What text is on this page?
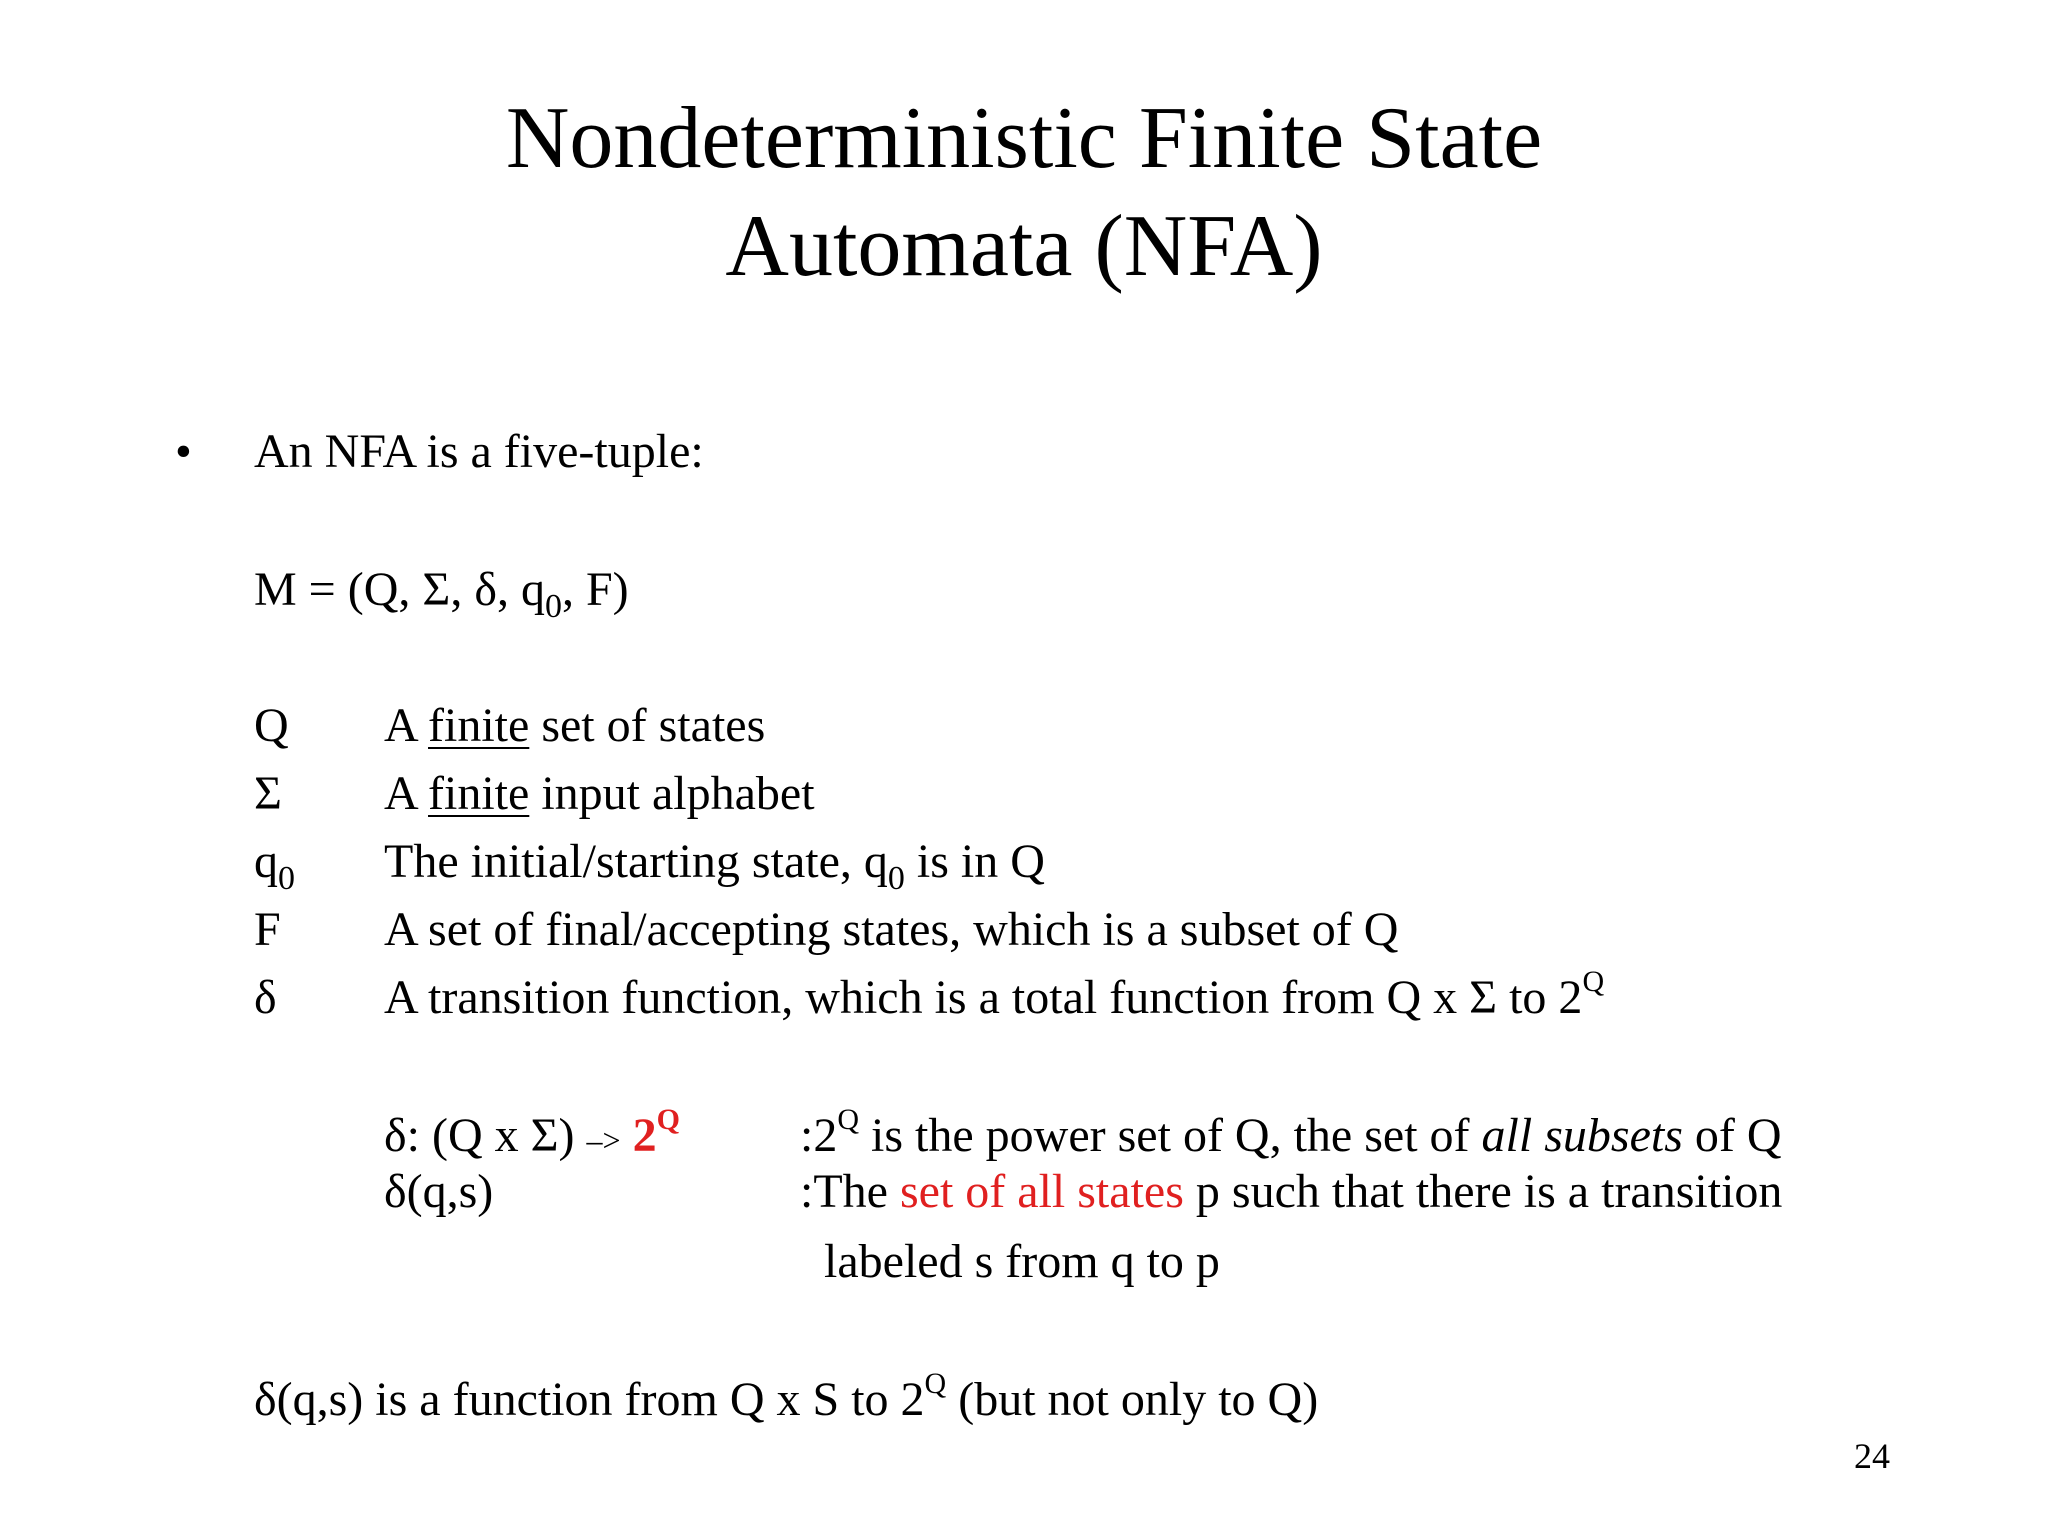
Nondeterministic Finite State
Automata (NFA)
• An NFA is a five-tuple:
M = (Q, Σ, δ, $q_0$, F)
Q A finite set of states
Σ A finite input alphabet
$q_0$ The initial/starting state, $q_0$ is in Q
F A set of final/accepting states, which is a subset of Q
δ A transition function, which is a total function from Q x Σ to $2^Q$
δ: (Q x $\Sigma) -> 2^Q$	$:2^Q$ is the power set of Q, the set of all subsets of Q
δ(q,s)	:The set of all states p such that there is a transition
labeled s from q to p
δ(q,s) is a function from Q x S to $2^Q$ (but not only to Q)
24
